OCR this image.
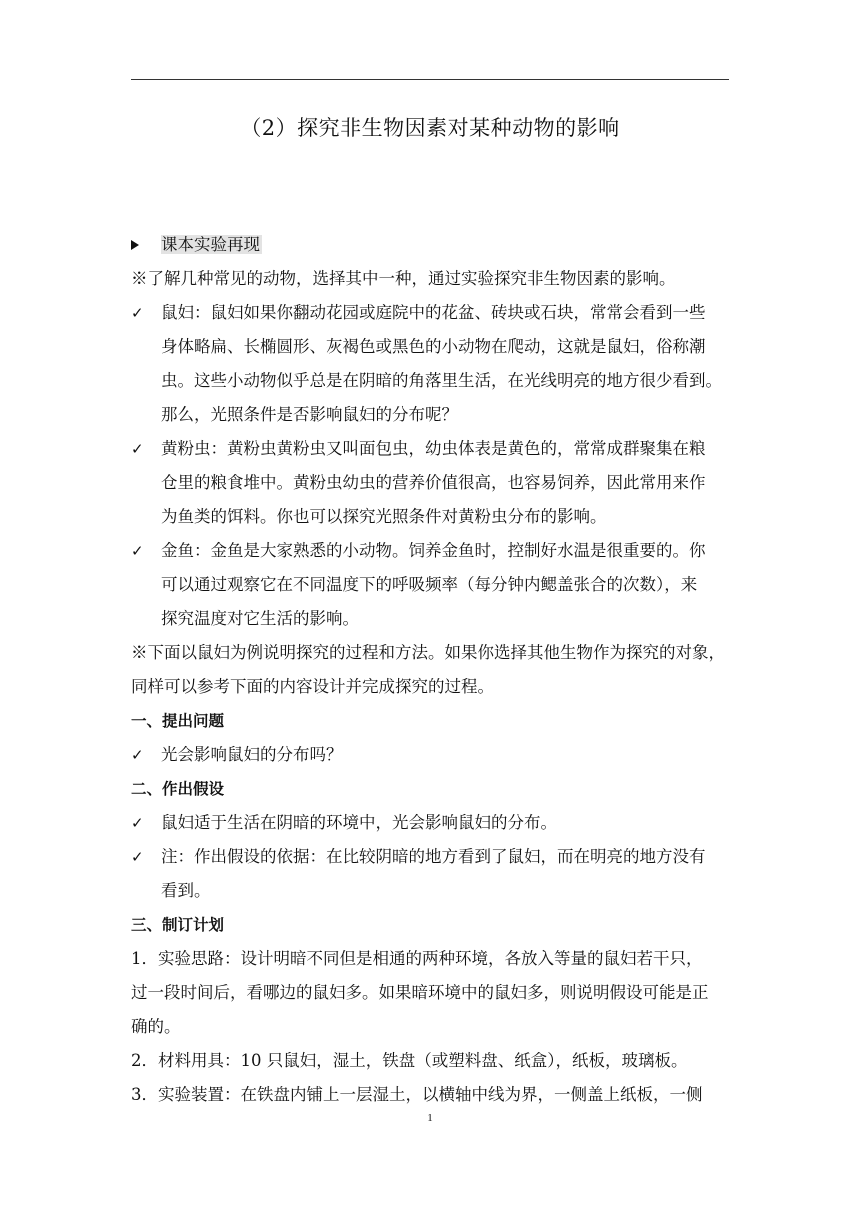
（2）探究非生物因素对某种动物的影响
课本实验再现
※了解几种常见的动物，选择其中一种，通过实验探究非生物因素的影响。
✓ 鼠妇：鼠妇如果你翻动花园或庭院中的花盆、砖块或石块，常常会看到一些
身体略扁、长椭圆形、灰褐色或黑色的小动物在爬动，这就是鼠妇，俗称潮
虫。这些小动物似乎总是在阴暗的角落里生活，在光线明亮的地方很少看到。
那么，光照条件是否影响鼠妇的分布呢？
✓ 黄粉虫：黄粉虫黄粉虫又叫面包虫，幼虫体表是黄色的，常常成群聚集在粮
仓里的粮食堆中。黄粉虫幼虫的营养价值很高，也容易饲养，因此常用来作
为鱼类的饵料。你也可以探究光照条件对黄粉虫分布的影响。
✓ 金鱼：金鱼是大家熟悉的小动物。饲养金鱼时，控制好水温是很重要的。你
可以通过观察它在不同温度下的呼吸频率（每分钟内鳃盖张合的次数），来
探究温度对它生活的影响。
※下面以鼠妇为例说明探究的过程和方法。如果你选择其他生物作为探究的对象，
同样可以参考下面的内容设计并完成探究的过程。
一、提出问题
✓ 光会影响鼠妇的分布吗？
二、作出假设
✓ 鼠妇适于生活在阴暗的环境中，光会影响鼠妇的分布。
✓ 注：作出假设的依据：在比较阴暗的地方看到了鼠妇，而在明亮的地方没有
看到。
三、制订计划
1．实验思路：设计明暗不同但是相通的两种环境，各放入等量的鼠妇若干只，
过一段时间后，看哪边的鼠妇多。如果暗环境中的鼠妇多，则说明假设可能是正
确的。
2．材料用具：10 只鼠妇，湿土，铁盘（或塑料盘、纸盒），纸板，玻璃板。
3．实验装置：在铁盘内铺上一层湿土，以横轴中线为界，一侧盖上纸板，一侧
1
